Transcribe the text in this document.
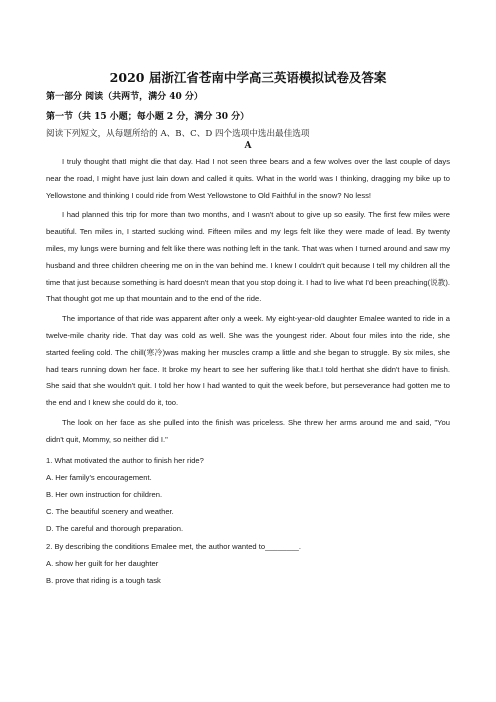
2020 届浙江省苍南中学高三英语模拟试卷及答案
第一部分 阅读（共两节，满分 40 分）
第一节（共 15 小题；每小题 2 分，满分 30 分）
阅读下列短文，从每题所给的 A、B、C、D 四个选项中选出最佳选项
A

I truly thought thatI might die that day. Had I not seen three bears and a few wolves over the last couple of days near the road, I might have just lain down and called it quits. What in the world was I thinking, dragging my bike up to Yellowstone and thinking I could ride from West Yellowstone to Old Faithful in the snow? No less!

I had planned this trip for more than two months, and I wasn't about to give up so easily. The first few miles were beautiful. Ten miles in, I started sucking wind. Fifteen miles and my legs felt like they were made of lead. By twenty miles, my lungs were burning and felt like there was nothing left in the tank. That was when I turned around and saw my husband and three children cheering me on in the van behind me. I knew I couldn't quit because I tell my children all the time that just because something is hard doesn't mean that you stop doing it. I had to live what I'd been preaching(说教). That thought got me up that mountain and to the end of the ride.

The importance of that ride was apparent after only a week. My eight-year-old daughter Emalee wanted to ride in a twelve-mile charity ride. That day was cold as well. She was the youngest rider. About four miles into the ride, she started feeling cold. The chill(寒冷)was making her muscles cramp a little and she began to struggle. By six miles, she had tears running down her face. It broke my heart to see her suffering like that.I told herthat she didn't have to finish. She said that she wouldn't quit. I told her how I had wanted to quit the week before, but perseverance had gotten me to the end and I knew she could do it, too.

The look on her face as she pulled into the finish was priceless. She threw her arms around me and said, "You didn't quit, Mommy, so neither did I."

1. What motivated the author to finish her ride?

A. Her family's encouragement.

B. Her own instruction for children.

C. The beautiful scenery and weather.

D. The careful and thorough preparation.

2. By describing the conditions Emalee met, the author wanted to________.

A. show her guilt for her daughter

B. prove that riding is a tough task
